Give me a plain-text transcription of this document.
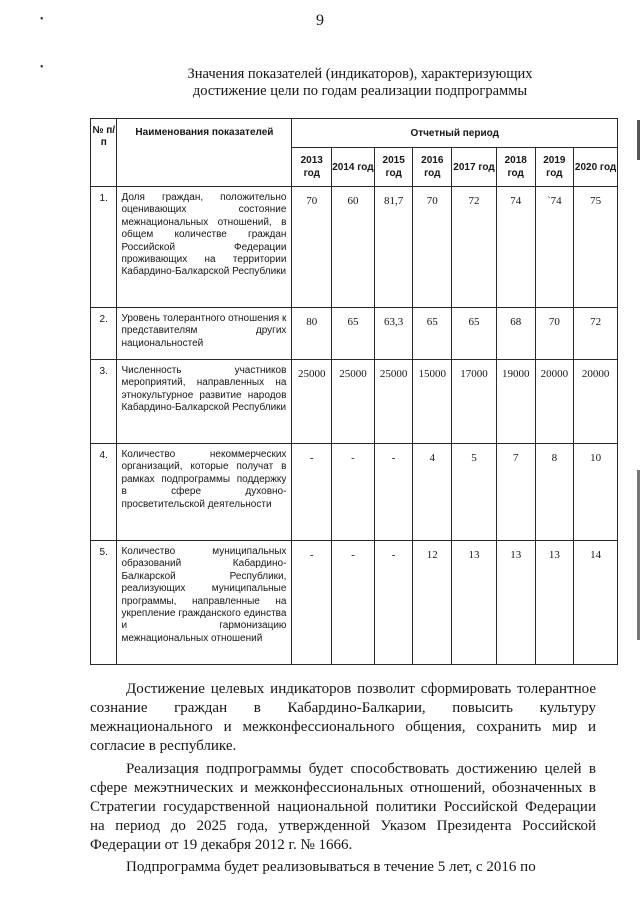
9
•
•	Значения показателей (индикаторов), характеризующих
достижение цели по годам реализации подпрограммы
№ п/п	Наименования показателей	Отчетный период							
		2013 год	2014 год	2015 год	2016 год	2017 год	2018 год	2019 год	2020 год
1.	Доля граждан, положительно оценивающих состояние межнациональных отношений, в общем количестве граждан Российской Федерации проживающих на территории Кабардино-Балкарской Республики	70	60	81,7	70	72	74	`74	75
2.	Уровень толерантного отношения к представителям других национальностей	80	65	63,3	65	65	68	70	72
3.	Численность участников мероприятий, направленных на этнокультурное развитие народов Кабардино-Балкарской Республики	25000	25000	25000	15000	17000	19000	20000	20000
4.	Количество некоммерческих организаций, которые получат в рамках подпрограммы поддержку в сфере духовно-просветительской деятельности	-	-	-	4	5	7	8	10
5.	Количество муниципальных образований Кабардино-Балкарской Республики, реализующих муниципальные программы, направленные на укрепление гражданского единства и гармонизацию межнациональных отношений	-	-	-	12	13	13	13	14
Достижение целевых индикаторов позволит сформировать толерантное сознание граждан в Кабардино-Балкарии, повысить культуру межнационального и межконфессионального общения, сохранить мир и согласие в республике.
Реализация подпрограммы будет способствовать достижению целей в сфере межэтнических и межконфессиональных отношений, обозначенных в Стратегии государственной национальной политики Российской Федерации на период до 2025 года, утвержденной Указом Президента Российской Федерации от 19 декабря 2012 г. № 1666.
Подпрограмма будет реализовываться в течение 5 лет, с 2016 по
